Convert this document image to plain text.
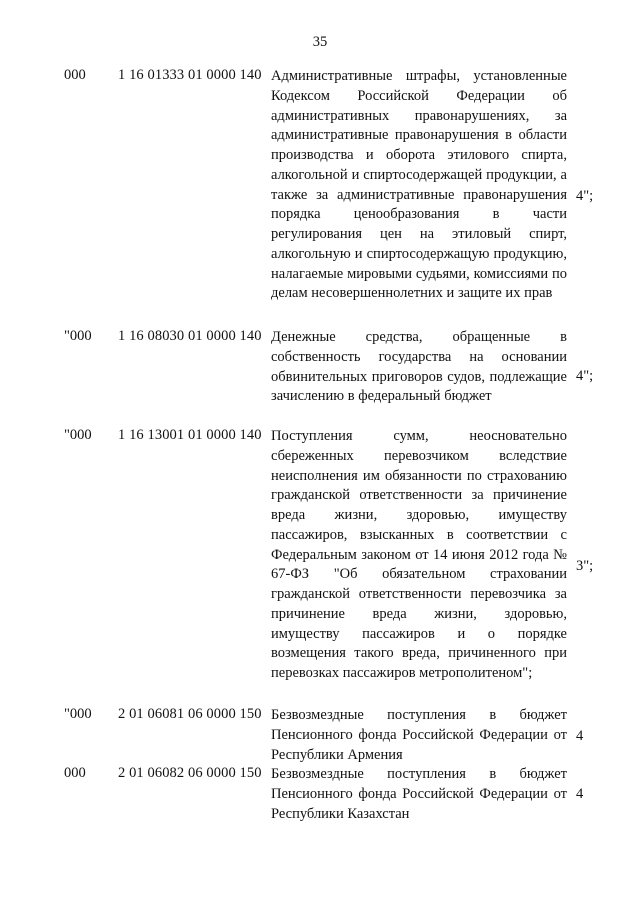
35
000 1 16 01333 01 0000 140 Административные штрафы, установленные Кодексом Российской Федерации об административных правонарушениях, за административные правонарушения в области производства и оборота этилового спирта, алкогольной и спиртосодержащей продукции, а также за административные правонарушения порядка ценообразования в части регулирования цен на этиловый спирт, алкогольную и спиртосодержащую продукцию, налагаемые мировыми судьями, комиссиями по делам несовершеннолетних и защите их прав
4";
"000 1 16 08030 01 0000 140 Денежные средства, обращенные в собственность государства на основании обвинительных приговоров судов, подлежащие зачислению в федеральный бюджет
4";
"000 1 16 13001 01 0000 140 Поступления сумм, неосновательно сбереженных перевозчиком вследствие неисполнения им обязанности по страхованию гражданской ответственности за причинение вреда жизни, здоровью, имуществу пассажиров, взысканных в соответствии с Федеральным законом от 14 июня 2012 года № 67-ФЗ "Об обязательном страховании гражданской ответственности перевозчика за причинение вреда жизни, здоровью, имуществу пассажиров и о порядке возмещения такого вреда, причиненного при перевозках пассажиров метрополитеном";
3";
"000 2 01 06081 06 0000 150 Безвозмездные поступления в бюджет Пенсионного фонда Российской Федерации от Республики Армения
4
000 2 01 06082 06 0000 150 Безвозмездные поступления в бюджет Пенсионного фонда Российской Федерации от Республики Казахстан
4
